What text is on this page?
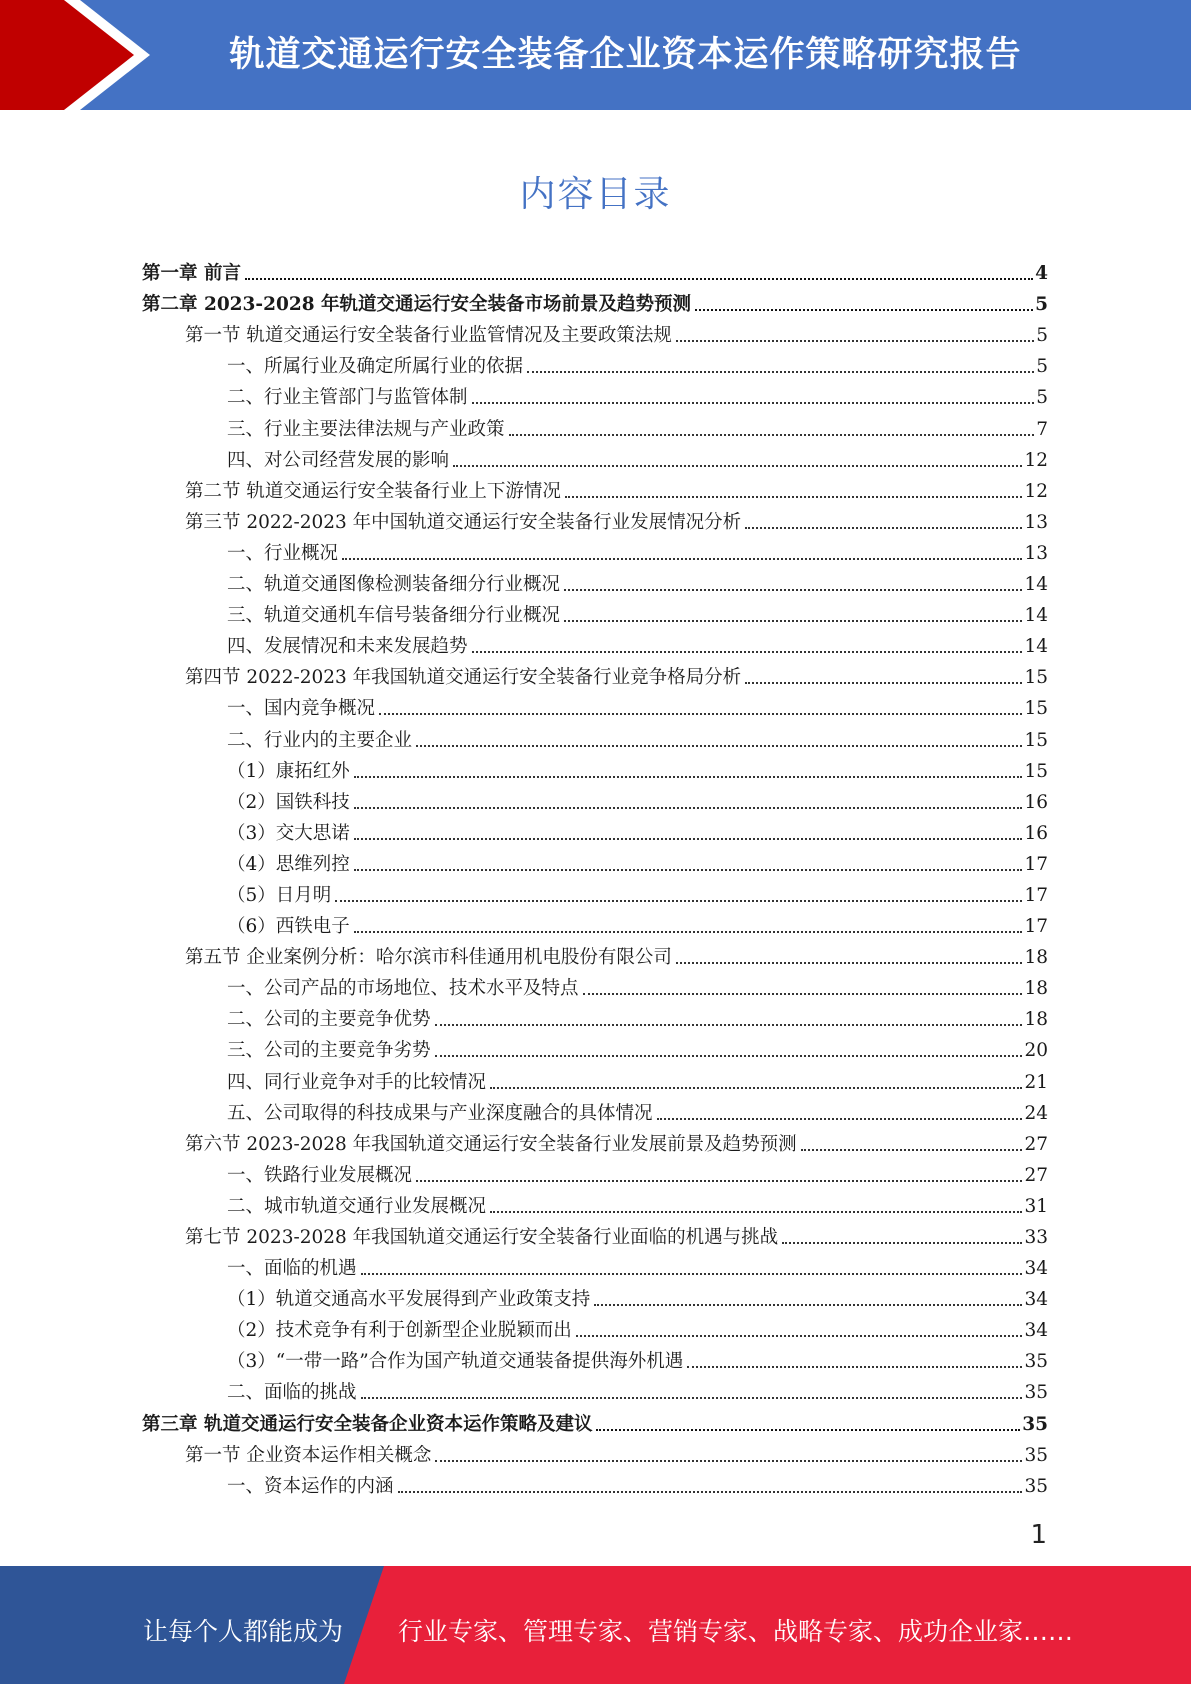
轨道交通运行安全装备企业资本运作策略研究报告
内容目录
第一章 前言	4
第二章 2023-2028 年轨道交通运行安全装备市场前景及趋势预测	5
第一节 轨道交通运行安全装备行业监管情况及主要政策法规	5
一、所属行业及确定所属行业的依据	5
二、行业主管部门与监管体制	5
三、行业主要法律法规与产业政策	7
四、对公司经营发展的影响	12
第二节 轨道交通运行安全装备行业上下游情况	12
第三节 2022-2023 年中国轨道交通运行安全装备行业发展情况分析	13
一、行业概况	13
二、轨道交通图像检测装备细分行业概况	14
三、轨道交通机车信号装备细分行业概况	14
四、发展情况和未来发展趋势	14
第四节 2022-2023 年我国轨道交通运行安全装备行业竞争格局分析	15
一、国内竞争概况	15
二、行业内的主要企业	15
（1）康拓红外	15
（2）国铁科技	16
（3）交大思诺	16
（4）思维列控	17
（5）日月明	17
（6）西铁电子	17
第五节 企业案例分析：哈尔滨市科佳通用机电股份有限公司	18
一、公司产品的市场地位、技术水平及特点	18
二、公司的主要竞争优势	18
三、公司的主要竞争劣势	20
四、同行业竞争对手的比较情况	21
五、公司取得的科技成果与产业深度融合的具体情况	24
第六节 2023-2028 年我国轨道交通运行安全装备行业发展前景及趋势预测	27
一、铁路行业发展概况	27
二、城市轨道交通行业发展概况	31
第七节 2023-2028 年我国轨道交通运行安全装备行业面临的机遇与挑战	33
一、面临的机遇	34
（1）轨道交通高水平发展得到产业政策支持	34
（2）技术竞争有利于创新型企业脱颖而出	34
（3）“一带一路”合作为国产轨道交通装备提供海外机遇	35
二、面临的挑战	35
第三章 轨道交通运行安全装备企业资本运作策略及建议	35
第一节 企业资本运作相关概念	35
一、资本运作的内涵	35
1
让每个人都能成为 行业专家、管理专家、营销专家、战略专家、成功企业家……
